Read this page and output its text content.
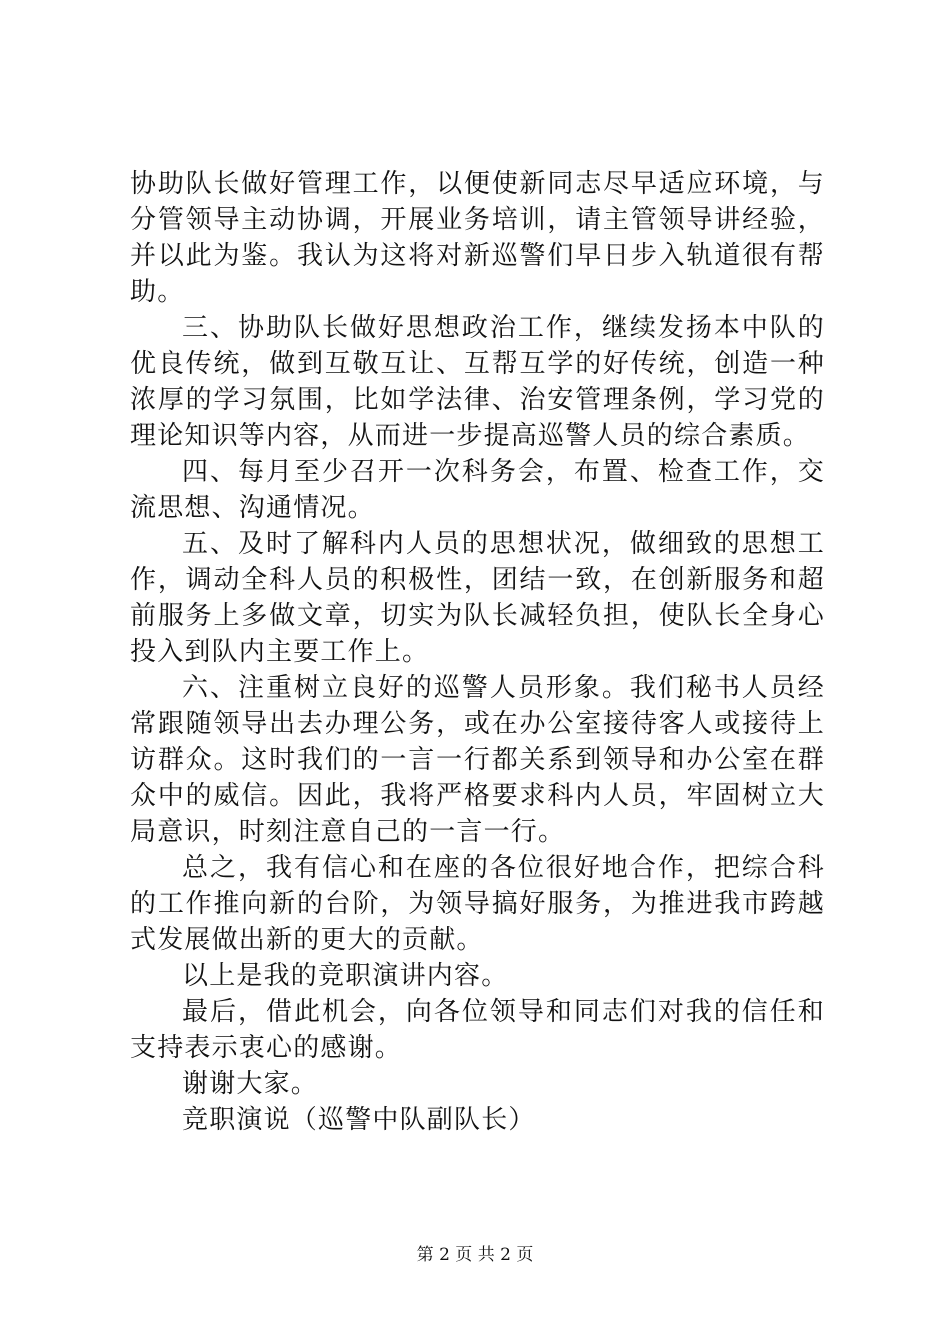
协助队长做好管理工作，以便使新同志尽早适应环境，与分管领导主动协调，开展业务培训，请主管领导讲经验，并以此为鉴。我认为这将对新巡警们早日步入轨道很有帮助。

三、协助队长做好思想政治工作，继续发扬本中队的优良传统，做到互敬互让、互帮互学的好传统，创造一种浓厚的学习氛围，比如学法律、治安管理条例，学习党的理论知识等内容，从而进一步提高巡警人员的综合素质。

四、每月至少召开一次科务会，布置、检查工作，交流思想、沟通情况。

五、及时了解科内人员的思想状况，做细致的思想工作，调动全科人员的积极性，团结一致，在创新服务和超前服务上多做文章，切实为队长减轻负担，使队长全身心投入到队内主要工作上。

六、注重树立良好的巡警人员形象。我们秘书人员经常跟随领导出去办理公务，或在办公室接待客人或接待上访群众。这时我们的一言一行都关系到领导和办公室在群众中的威信。因此，我将严格要求科内人员，牢固树立大局意识，时刻注意自己的一言一行。

总之，我有信心和在座的各位很好地合作，把综合科的工作推向新的台阶，为领导搞好服务，为推进我市跨越式发展做出新的更大的贡献。

以上是我的竞职演讲内容。

最后，借此机会，向各位领导和同志们对我的信任和支持表示衷心的感谢。

谢谢大家。

竞职演说（巡警中队副队长）

第 2 页 共 2 页
